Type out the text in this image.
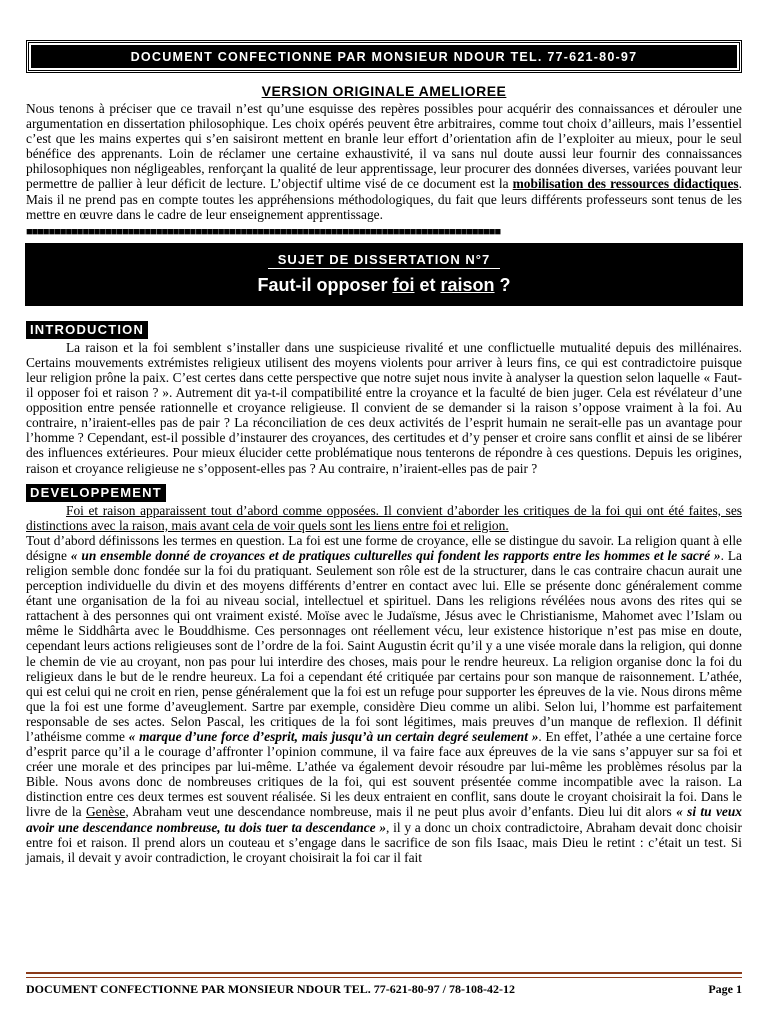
DOCUMENT CONFECTIONNE PAR MONSIEUR NDOUR TEL. 77-621-80-97
VERSION ORIGINALE AMELIOREE

Nous tenons à préciser que ce travail n’est qu’une esquisse des repères possibles pour acquérir des connaissances et dérouler une argumentation en dissertation philosophique. Les choix opérés peuvent être arbitraires, comme tout choix d’ailleurs, mais l’essentiel c’est que les mains expertes qui s’en saisiront mettent en branle leur effort d’orientation afin de l’exploiter au mieux, pour le seul bénéfice des apprenants. Loin de réclamer une certaine exhaustivité, il va sans nul doute aussi leur fournir des connaissances philosophiques non négligeables, renforçant la qualité de leur apprentissage, leur procurer des données diverses, variées pouvant leur permettre de pallier à leur déficit de lecture. L’objectif ultime visé de ce document est la mobilisation des ressources didactiques. Mais il ne prend pas en compte toutes les appréhensions méthodologiques, du fait que leurs différents professeurs sont tenus de les mettre en œuvre dans le cadre de leur enseignement apprentissage.

■■■■■■■■■■■■■■■■■■■■■■■■■■■■■■■■■■■■■■■■■■■■■■■■■■■■■■■■■■■■■■■■■■■■■■■■■■■■■■■■■■■■
SUJET DE DISSERTATION N°7
Faut-il opposer foi et raison ?
INTRODUCTION

La raison et la foi semblent s’installer dans une suspicieuse rivalité et une conflictuelle mutualité depuis des millénaires. Certains mouvements extrémistes religieux utilisent des moyens violents pour arriver à leurs fins, ce qui est contradictoire puisque leur religion prône la paix. C’est certes dans cette perspective que notre sujet nous invite à analyser la question selon laquelle « Faut-il opposer foi et raison ? ». Autrement dit ya-t-il compatibilité entre la croyance et la faculté de bien juger. Cela est révélateur d’une opposition entre pensée rationnelle et croyance religieuse. Il convient de se demander si la raison s’oppose vraiment à la foi. Au contraire, n’iraient-elles pas de pair ? La réconciliation de ces deux activités de l’esprit humain ne serait-elle pas un avantage pour l’homme ? Cependant, est-il possible d’instaurer des croyances, des certitudes et d’y penser et croire sans conflit et ainsi de se libérer des influences extérieures. Pour mieux élucider cette problématique nous tenterons de répondre à ces questions. Depuis les origines, raison et croyance religieuse ne s’opposent-elles pas ? Au contraire, n’iraient-elles pas de pair ?

DEVELOPPEMENT

Foi et raison apparaissent tout d’abord comme opposées. Il convient d’aborder les critiques de la foi qui ont été faites, ses distinctions avec la raison, mais avant cela de voir quels sont les liens entre foi et religion.

Tout d’abord définissons les termes en question. La foi est une forme de croyance, elle se distingue du savoir. La religion quant à elle désigne « un ensemble donné de croyances et de pratiques culturelles qui fondent les rapports entre les hommes et le sacré ». La religion semble donc fondée sur la foi du pratiquant. Seulement son rôle est de la structurer, dans le cas contraire chacun aurait une perception individuelle du divin et des moyens différents d’entrer en contact avec lui. Elle se présente donc généralement comme étant une organisation de la foi au niveau social, intellectuel et spirituel. Dans les religions révélées nous avons des rites qui se rattachent à des personnes qui ont vraiment existé. Moïse avec le Judaïsme, Jésus avec le Christianisme, Mahomet avec l’Islam ou même le Siddhârta avec le Bouddhisme. Ces personnages ont réellement vécu, leur existence historique n’est pas mise en doute, cependant leurs actions religieuses sont de l’ordre de la foi. Saint Augustin écrit qu’il y a une visée morale dans la religion, qui donne le chemin de vie au croyant, non pas pour lui interdire des choses, mais pour le rendre heureux. La religion organise donc la foi du religieux dans le but de le rendre heureux. La foi a cependant été critiquée par certains pour son manque de raisonnement. L’athée, qui est celui qui ne croit en rien, pense généralement que la foi est un refuge pour supporter les épreuves de la vie. Nous dirons même que la foi est une forme d’aveuglement. Sartre par exemple, considère Dieu comme un alibi. Selon lui, l’homme est parfaitement responsable de ses actes. Selon Pascal, les critiques de la foi sont légitimes, mais preuves d’un manque de reflexion. Il définit l’athéisme comme « marque d’une force d’esprit, mais jusqu’à un certain degré seulement ». En effet, l’athée a une certaine force d’esprit parce qu’il a le courage d’affronter l’opinion commune, il va faire face aux épreuves de la vie sans s’appuyer sur sa foi et créer une morale et des principes par lui-même. L’athée va également devoir résoudre par lui-même les problèmes résolus par la Bible. Nous avons donc de nombreuses critiques de la foi, qui est souvent présentée comme incompatible avec la raison. La distinction entre ces deux termes est souvent réalisée. Si les deux entraient en conflit, sans doute le croyant choisirait la foi. Dans le livre de la Genèse, Abraham veut une descendance nombreuse, mais il ne peut plus avoir d’enfants. Dieu lui dit alors « si tu veux avoir une descendance nombreuse, tu dois tuer ta descendance », il y a donc un choix contradictoire, Abraham devait donc choisir entre foi et raison. Il prend alors un couteau et s’engage dans le sacrifice de son fils Isaac, mais Dieu le retint : c’était un test. Si jamais, il devait y avoir contradiction, le croyant choisirait la foi car il fait

DOCUMENT CONFECTIONNE PAR MONSIEUR NDOUR TEL. 77-621-80-97 / 78-108-42-12	Page 1
